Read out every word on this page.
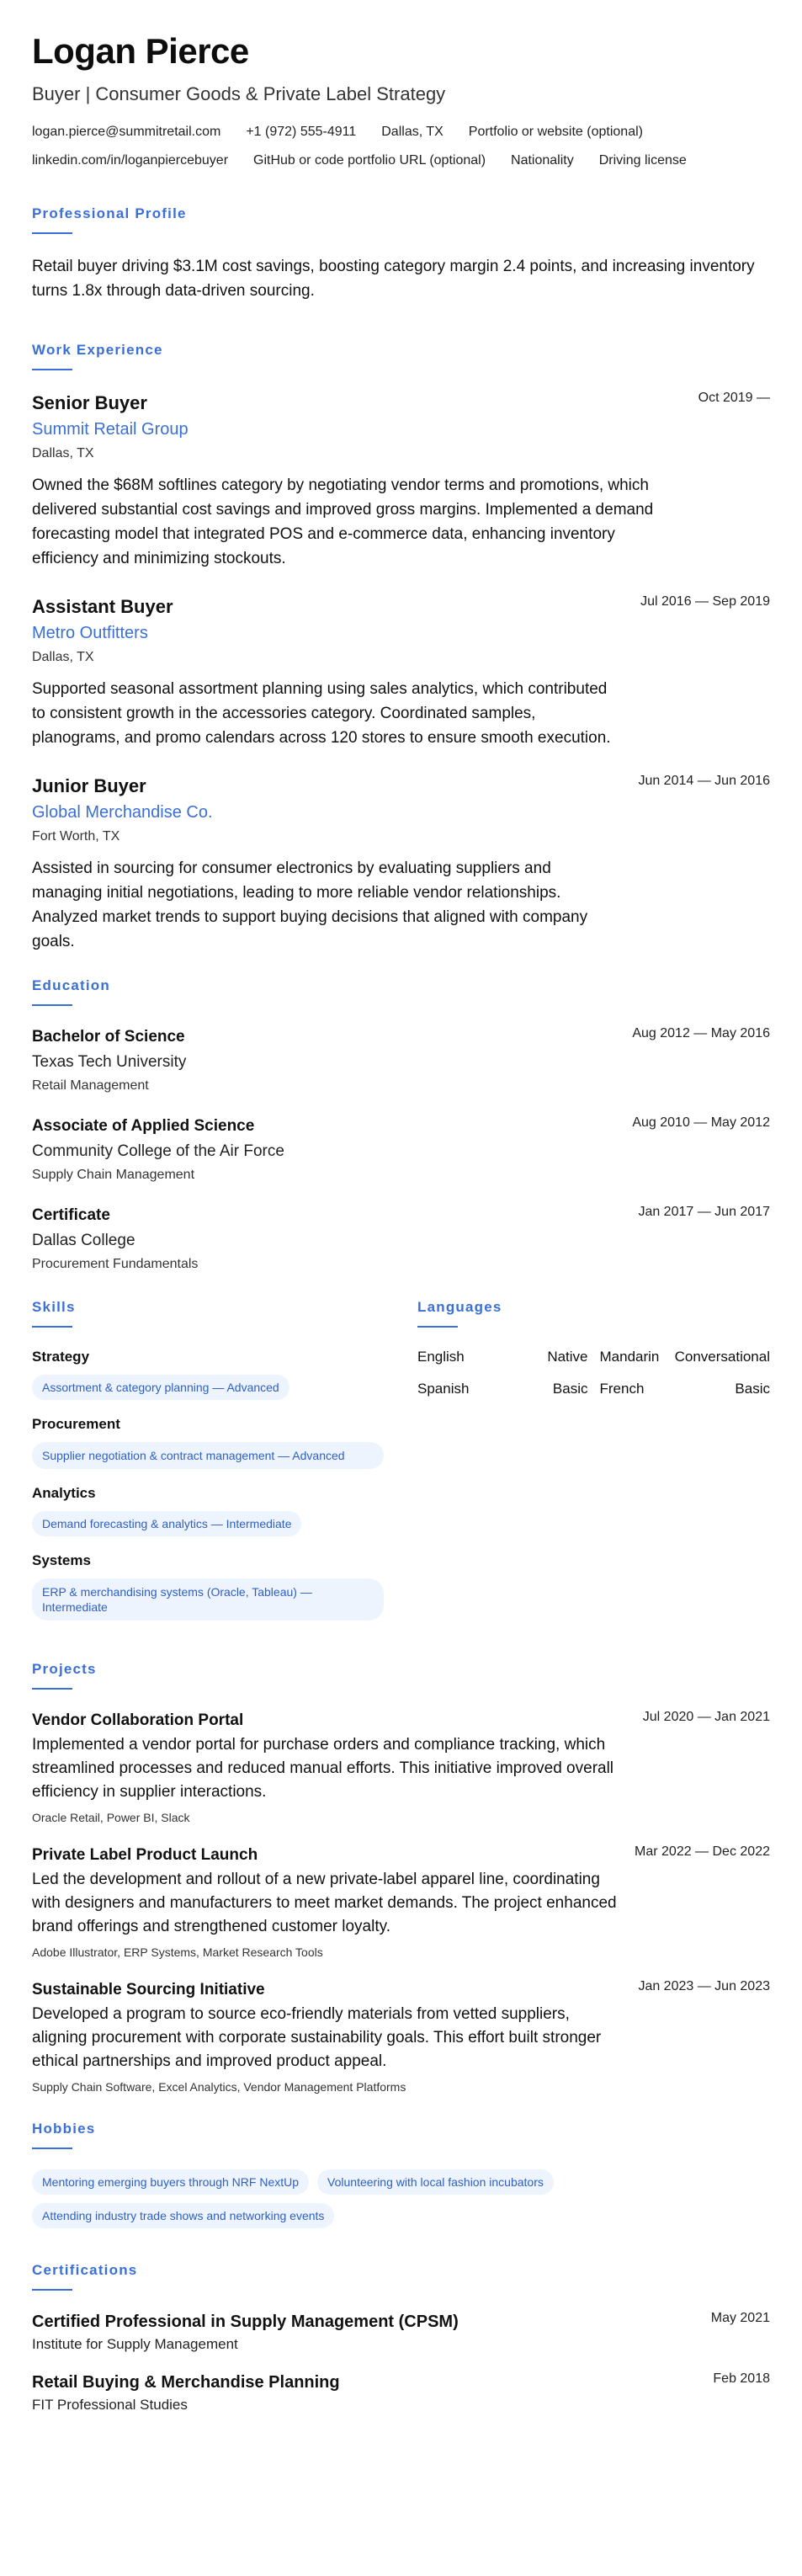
Logan Pierce
Buyer | Consumer Goods & Private Label Strategy
logan.pierce@summitretail.com +1 (972) 555-4911 Dallas, TX Portfolio or website (optional)
linkedin.com/in/loganpiercebuyer GitHub or code portfolio URL (optional) Nationality Driving license
Professional Profile
Retail buyer driving $3.1M cost savings, boosting category margin 2.4 points, and increasing inventory turns 1.8x through data-driven sourcing.
Work Experience
Oct 2019 —
Senior Buyer
Summit Retail Group
Dallas, TX
Owned the $68M softlines category by negotiating vendor terms and promotions, which delivered substantial cost savings and improved gross margins. Implemented a demand forecasting model that integrated POS and e-commerce data, enhancing inventory efficiency and minimizing stockouts.
Jul 2016 — Sep 2019
Assistant Buyer
Metro Outfitters
Dallas, TX
Supported seasonal assortment planning using sales analytics, which contributed to consistent growth in the accessories category. Coordinated samples, planograms, and promo calendars across 120 stores to ensure smooth execution.
Jun 2014 — Jun 2016
Junior Buyer
Global Merchandise Co.
Fort Worth, TX
Assisted in sourcing for consumer electronics by evaluating suppliers and managing initial negotiations, leading to more reliable vendor relationships. Analyzed market trends to support buying decisions that aligned with company goals.
Education
Aug 2012 — May 2016
Bachelor of Science
Texas Tech University
Retail Management
Aug 2010 — May 2012
Associate of Applied Science
Community College of the Air Force
Supply Chain Management
Jan 2017 — Jun 2017
Certificate
Dallas College
Procurement Fundamentals
Skills
Strategy
Assortment & category planning — Advanced
Procurement
Supplier negotiation & contract management — Advanced
Analytics
Demand forecasting & analytics — Intermediate
Systems
ERP & merchandising systems (Oracle, Tableau) — Intermediate
Languages
English	Native Mandarin Conversational
Spanish	Basic French	Basic
Projects
Jul 2020 — Jan 2021
Vendor Collaboration Portal
Implemented a vendor portal for purchase orders and compliance tracking, which streamlined processes and reduced manual efforts. This initiative improved overall efficiency in supplier interactions.
Oracle Retail, Power BI, Slack
Mar 2022 — Dec 2022
Private Label Product Launch
Led the development and rollout of a new private-label apparel line, coordinating with designers and manufacturers to meet market demands. The project enhanced brand offerings and strengthened customer loyalty.
Adobe Illustrator, ERP Systems, Market Research Tools
Jan 2023 — Jun 2023
Sustainable Sourcing Initiative
Developed a program to source eco-friendly materials from vetted suppliers, aligning procurement with corporate sustainability goals. This effort built stronger ethical partnerships and improved product appeal.
Supply Chain Software, Excel Analytics, Vendor Management Platforms
Hobbies
Mentoring emerging buyers through NRF NextUp	Volunteering with local fashion incubators
Attending industry trade shows and networking events
Certifications
May 2021
Certified Professional in Supply Management (CPSM)
Institute for Supply Management
Feb 2018
Retail Buying & Merchandise Planning
FIT Professional Studies
